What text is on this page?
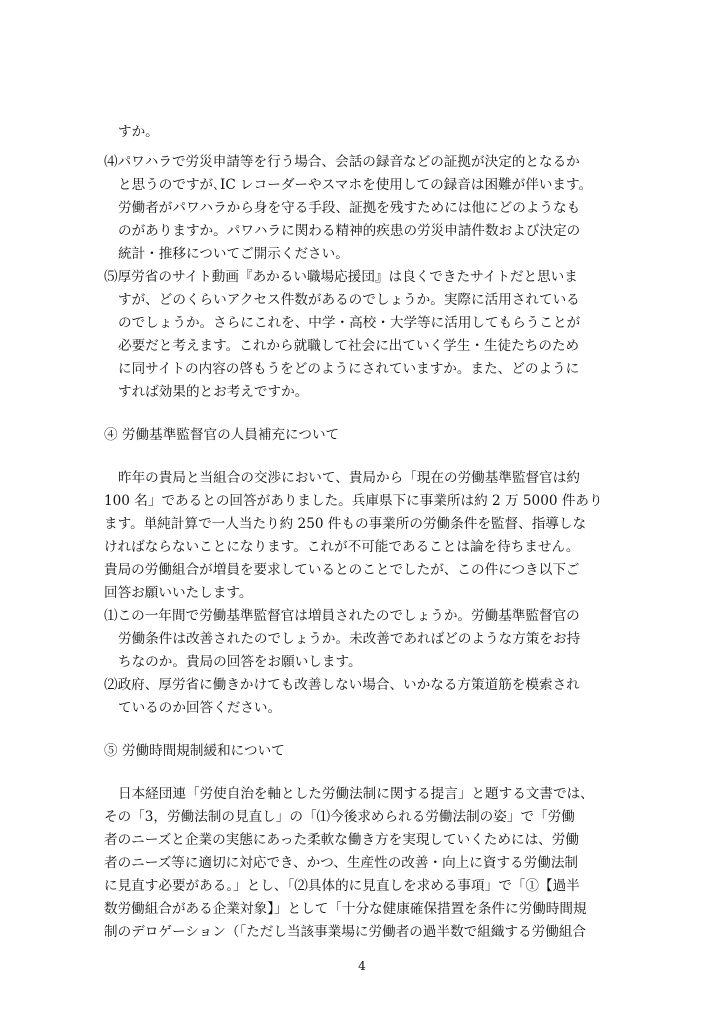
すか。
⑷パワハラで労災申請等を行う場合、会話の録音などの証拠が決定的となるか
と思うのですが､IC レコーダーやスマホを使用しての録音は困難が伴います。
労働者がパワハラから身を守る手段、証拠を残すためには他にどのようなも
のがありますか。パワハラに関わる精神的疾患の労災申請件数および決定の
統計・推移についてご開示ください。
⑸厚労省のサイト動画『あかるい職場応援団』は良くできたサイトだと思いま
すが、どのくらいアクセス件数があるのでしょうか。実際に活用されている
のでしょうか。さらにこれを、中学・高校・大学等に活用してもらうことが
必要だと考えます。これから就職して社会に出ていく学生・生徒たちのため
に同サイトの内容の啓もうをどのようにされていますか。また、どのように
すれば効果的とお考えですか。
④ 労働基準監督官の人員補充について
昨年の貴局と当組合の交渉において、貴局から「現在の労働基準監督官は約
100 名」であるとの回答がありました。兵庫県下に事業所は約 2 万 5000 件あり
ます。単純計算で一人当たり約 250 件もの事業所の労働条件を監督、指導しな
ければならないことになります。これが不可能であることは論を待ちません。
貴局の労働組合が増員を要求しているとのことでしたが、この件につき以下ご
回答お願いいたします。
⑴この一年間で労働基準監督官は増員されたのでしょうか。労働基準監督官の
労働条件は改善されたのでしょうか。未改善であればどのような方策をお持
ちなのか。貴局の回答をお願いします。
⑵政府、厚労省に働きかけても改善しない場合、いかなる方策道筋を模索され
ているのか回答ください。
⑤ 労働時間規制緩和について
日本経団連「労使自治を軸とした労働法制に関する提言」と題する文書では、
その「3，労働法制の見直し」の「⑴今後求められる労働法制の姿」で「労働
者のニーズと企業の実態にあった柔軟な働き方を実現していくためには、労働
者のニーズ等に適切に対応でき、かつ、生産性の改善・向上に資する労働法制
に見直す必要がある。」とし、「⑵具体的に見直しを求める事項」で「①【過半
数労働組合がある企業対象】」として「十分な健康確保措置を条件に労働時間規
制のデロゲーション（「ただし当該事業場に労働者の過半数で組織する労働組合
4
